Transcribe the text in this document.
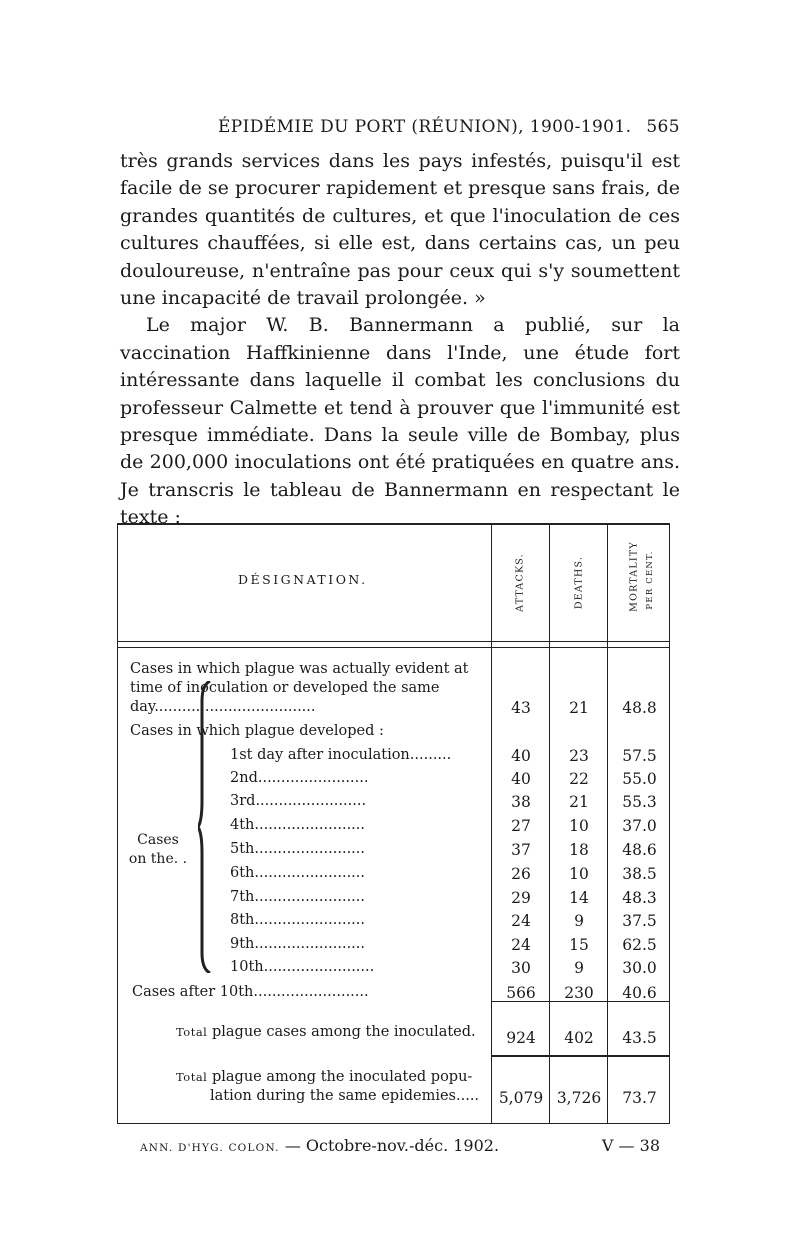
ÉPIDÉMIE DU PORT (RÉUNION), 1900-1901. 565

très grands services dans les pays infestés, puisqu'il est facile de se procurer rapidement et presque sans frais, de grandes quantités de cultures, et que l'inoculation de ces cultures chauffées, si elle est, dans certains cas, un peu douloureuse, n'entraîne pas pour ceux qui s'y soumettent une incapacité de travail prolongée. »

Le major W. B. Bannermann a publié, sur la vaccination Haffkinienne dans l'Inde, une étude fort intéressante dans laquelle il combat les conclusions du professeur Calmette et tend à prouver que l'immunité est presque immédiate. Dans la seule ville de Bombay, plus de 200,000 inoculations ont été pratiquées en quatre ans. Je transcris le tableau de Bannermann en respectant le texte :

DÉSIGNATION.	ATTACKS.	DEATHS.	MORTALITY PER CENT.
Cases in which plague was actually evident at
time of inoculation or developed the same
day...................................	43	21	48.8
Cases in which plague developed :
Cases
on the. .
1st day after inoculation.........	40	23	57.5
2nd........................	40	22	55.0
3rd........................	38	21	55.3
4th........................	27	10	37.0
5th........................	37	18	48.6
6th........................	26	10	38.5
7th........................	29	14	48.3
8th........................	24	9	37.5
9th........................	24	15	62.5
10th........................	30	9	30.0
Cases after 10th.........................	566	230	40.6
Total plague cases among the inoculated.	924	402	43.5
Total plague among the inoculated popu-
lation during the same epidemies.....	5,079 3,726	73.7
ANN. D'HYG. COLON. — Octobre-nov.-déc. 1902.	V — 38
